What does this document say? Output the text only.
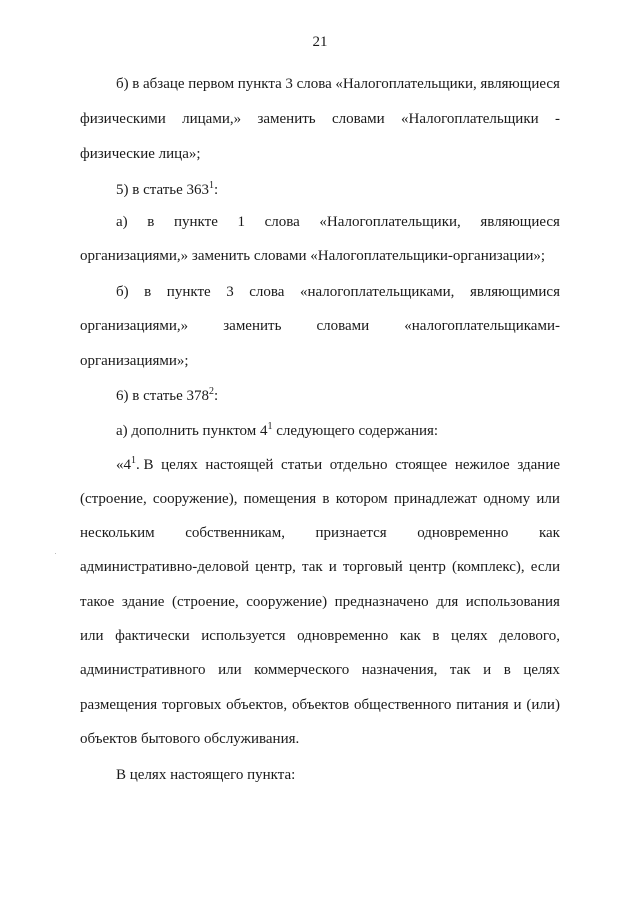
21
б) в абзаце первом пункта 3 слова «Налогоплательщики, являющиеся
физическими лицами,» заменить словами «Налогоплательщики -
физические лица»;
5) в статье $363^1$:
а) в пункте 1 слова «Налогоплательщики, являющиеся
организациями,» заменить словами «Налогоплательщики-организации»;
б) в пункте 3 слова «налогоплательщиками, являющимися
организациями,» заменить словами «налогоплательщиками-
организациями»;
6) в статье $378^2$:
а) дополнить пунктом $4^1$ следующего содержания:
«$4^1$. В целях настоящей статьи отдельно стоящее нежилое здание
(строение, сооружение), помещения в котором принадлежат одному или
нескольким собственникам, признается одновременно как
административно-деловой центр, так и торговый центр (комплекс), если
такое здание (строение, сооружение) предназначено для использования
или фактически используется одновременно как в целях делового,
административного или коммерческого назначения, так и в целях
размещения торговых объектов, объектов общественного питания и (или)
объектов бытового обслуживания.
В целях настоящего пункта:
